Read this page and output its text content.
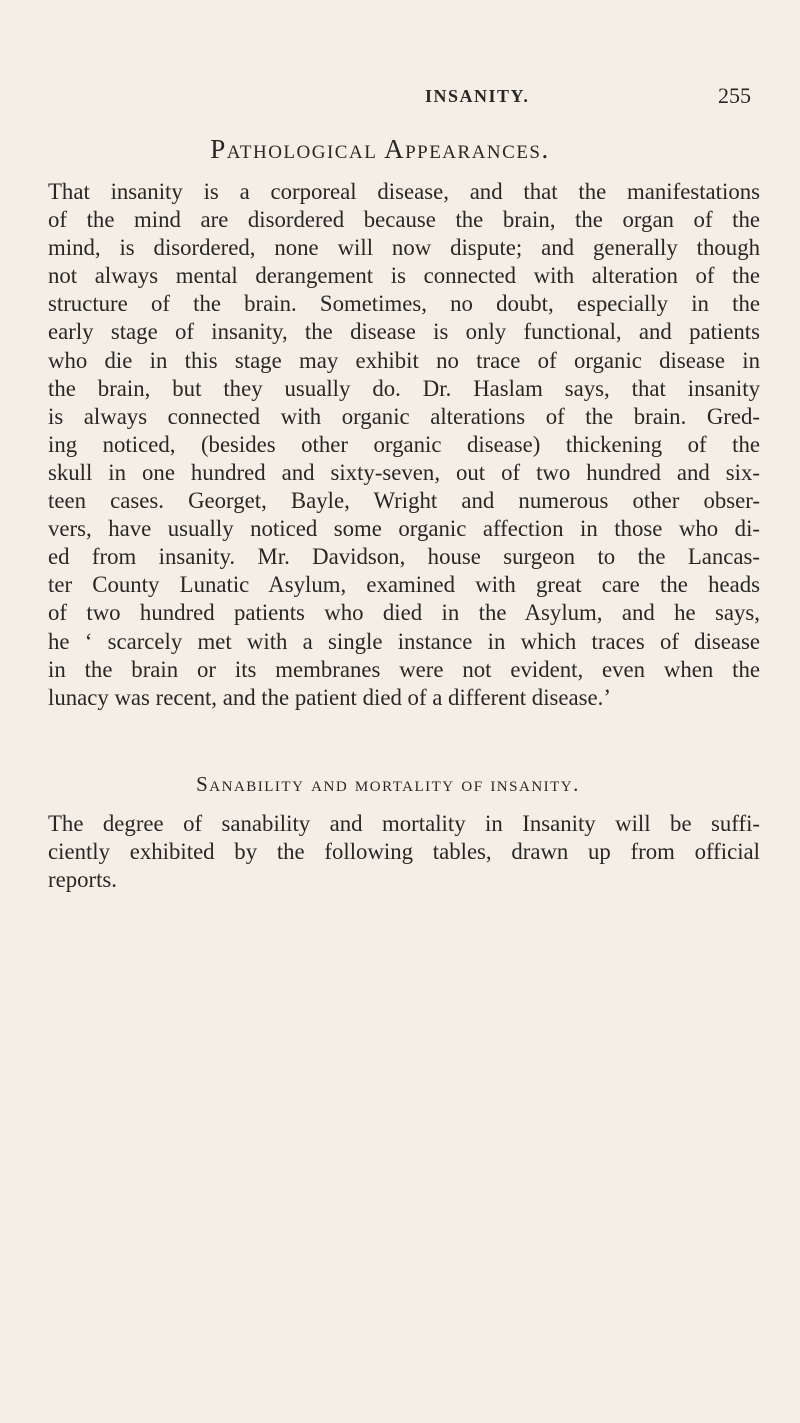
INSANITY.	255
Pathological Appearances.
That insanity is a corporeal disease, and that the manifestations
of the mind are disordered because the brain, the organ of the
mind, is disordered, none will now dispute; and generally though
not always mental derangement is connected with alteration of the
structure of the brain. Sometimes, no doubt, especially in the
early stage of insanity, the disease is only functional, and patients
who die in this stage may exhibit no trace of organic disease in
the brain, but they usually do. Dr. Haslam says, that insanity
is always connected with organic alterations of the brain. Gred-
ing noticed, (besides other organic disease) thickening of the
skull in one hundred and sixty-seven, out of two hundred and six-
teen cases. Georget, Bayle, Wright and numerous other obser-
vers, have usually noticed some organic affection in those who di-
ed from insanity. Mr. Davidson, house surgeon to the Lancas-
ter County Lunatic Asylum, examined with great care the heads
of two hundred patients who died in the Asylum, and he says,
he ‘ scarcely met with a single instance in which traces of disease
in the brain or its membranes were not evident, even when the
lunacy was recent, and the patient died of a different disease.’
Sanability and mortality of insanity.
The degree of sanability and mortality in Insanity will be suffi-
ciently exhibited by the following tables, drawn up from official
reports.
